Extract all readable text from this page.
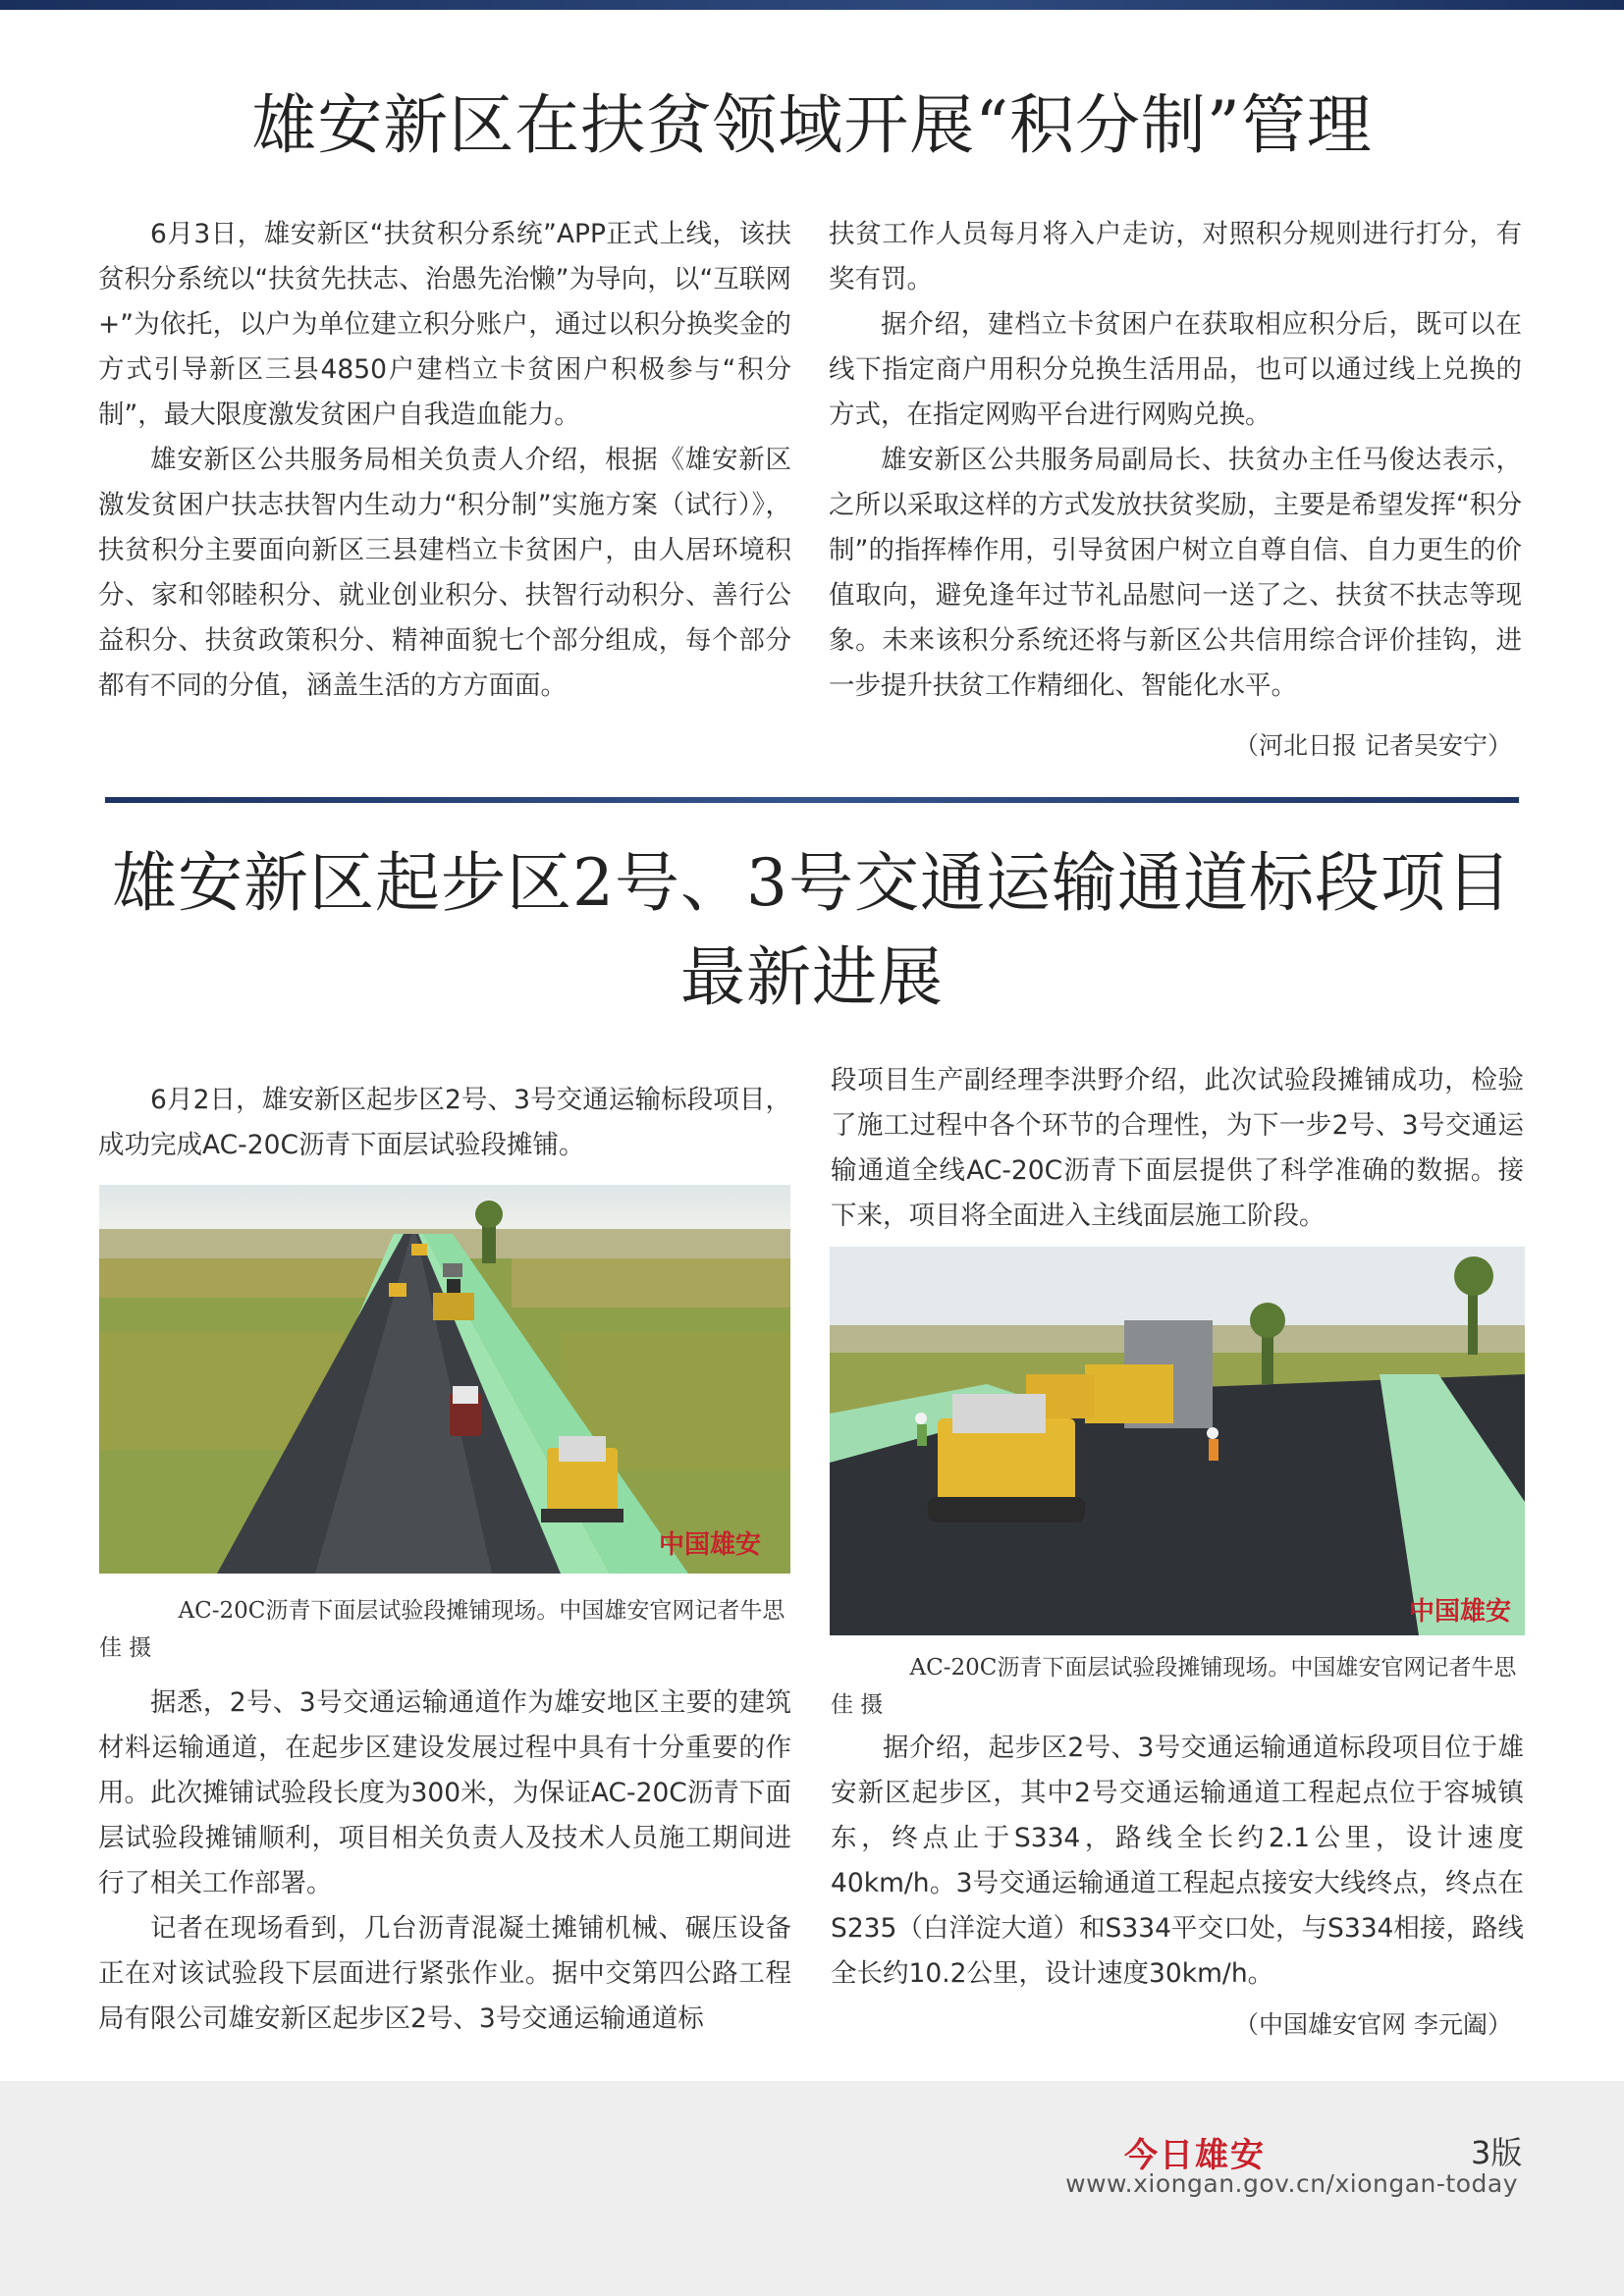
雄安新区在扶贫领域开展“积分制”管理

6月3日，雄安新区“扶贫积分系统”APP正式上线，该扶贫积分系统以“扶贫先扶志、治愚先治懒”为导向，以“互联网+”为依托，以户为单位建立积分账户，通过以积分换奖金的方式引导新区三县4850户建档立卡贫困户积极参与“积分制”，最大限度激发贫困户自我造血能力。

雄安新区公共服务局相关负责人介绍，根据《雄安新区激发贫困户扶志扶智内生动力“积分制”实施方案（试行）》，扶贫积分主要面向新区三县建档立卡贫困户，由人居环境积分、家和邻睦积分、就业创业积分、扶智行动积分、善行公益积分、扶贫政策积分、精神面貌七个部分组成，每个部分都有不同的分值，涵盖生活的方方面面。

扶贫工作人员每月将入户走访，对照积分规则进行打分，有奖有罚。

据介绍，建档立卡贫困户在获取相应积分后，既可以在线下指定商户用积分兑换生活用品，也可以通过线上兑换的方式，在指定网购平台进行网购兑换。

雄安新区公共服务局副局长、扶贫办主任马俊达表示，之所以采取这样的方式发放扶贫奖励，主要是希望发挥“积分制”的指挥棒作用，引导贫困户树立自尊自信、自力更生的价值取向，避免逢年过节礼品慰问一送了之、扶贫不扶志等现象。未来该积分系统还将与新区公共信用综合评价挂钩，进一步提升扶贫工作精细化、智能化水平。

（河北日报 记者吴安宁）
雄安新区起步区2号、3号交通运输通道标段项目
最新进展

6月2日，雄安新区起步区2号、3号交通运输标段项目，成功完成AC-20C沥青下面层试验段摊铺。

中国雄安

AC-20C沥青下面层试验段摊铺现场。中国雄安官网记者牛思佳 摄

据悉，2号、3号交通运输通道作为雄安地区主要的建筑材料运输通道，在起步区建设发展过程中具有十分重要的作用。此次摊铺试验段长度为300米，为保证AC-20C沥青下面层试验段摊铺顺利，项目相关负责人及技术人员施工期间进行了相关工作部署。

记者在现场看到，几台沥青混凝土摊铺机械、碾压设备正在对该试验段下层面进行紧张作业。据中交第四公路工程局有限公司雄安新区起步区2号、3号交通运输通道标

段项目生产副经理李洪野介绍，此次试验段摊铺成功，检验了施工过程中各个环节的合理性，为下一步2号、3号交通运输通道全线AC-20C沥青下面层提供了科学准确的数据。接下来，项目将全面进入主线面层施工阶段。

中国雄安

AC-20C沥青下面层试验段摊铺现场。中国雄安官网记者牛思佳 摄

据介绍，起步区2号、3号交通运输通道标段项目位于雄安新区起步区，其中2号交通运输通道工程起点位于容城镇东，终点止于S334，路线全长约2.1公里，设计速度40km/h。3号交通运输通道工程起点接安大线终点，终点在S235（白洋淀大道）和S334平交口处，与S334相接，路线全长约10.2公里，设计速度30km/h。

（中国雄安官网 李元阖）
今日雄安	3版
www.xiongan.gov.cn/xiongan-today
